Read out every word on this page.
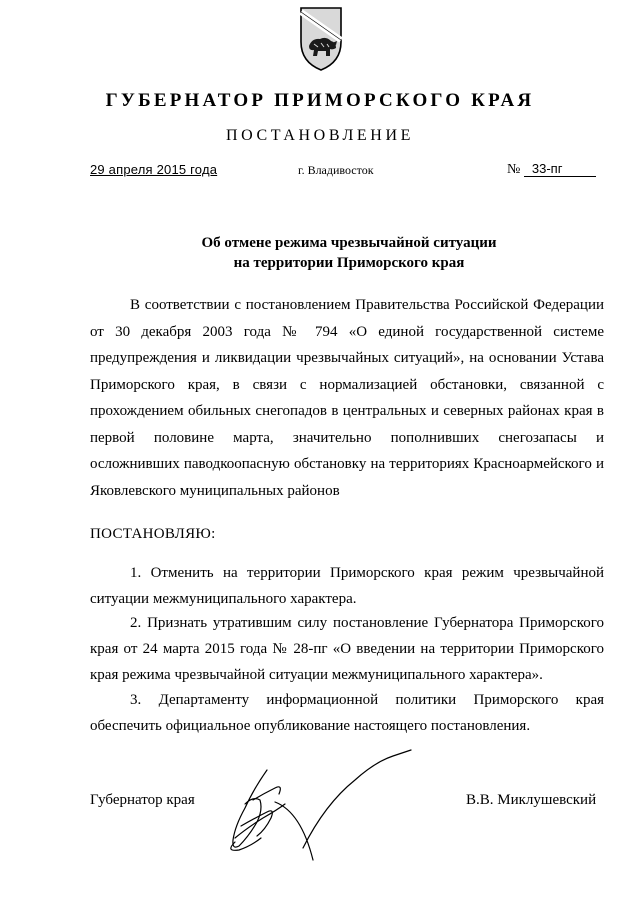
ГУБЕРНАТОР ПРИМОРСКОГО КРАЯ
ПОСТАНОВЛЕНИЕ
29 апреля 2015 года	г. Владивосток	№ 33-пг
Об отмене режима чрезвычайной ситуации
на территории Приморского края
В соответствии с постановлением Правительства Российской Федерации от 30 декабря 2003 года № 794 «О единой государственной системе предупреждения и ликвидации чрезвычайных ситуаций», на основании Устава Приморского края, в связи с нормализацией обстановки, связанной с прохождением обильных снегопадов в центральных и северных районах края в первой половине марта, значительно пополнивших снегозапасы и осложнивших паводкоопасную обстановку на территориях Красноармейского и Яковлевского муниципальных районов
ПОСТАНОВЛЯЮ:
1. Отменить на территории Приморского края режим чрезвычайной ситуации межмуниципального характера.
2. Признать утратившим силу постановление Губернатора Приморского края от 24 марта 2015 года № 28-пг «О введении на территории Приморского края режима чрезвычайной ситуации межмуниципального характера».
3. Департаменту информационной политики Приморского края обеспечить официальное опубликование настоящего постановления.
Губернатор края	В.В. Миклушевский
